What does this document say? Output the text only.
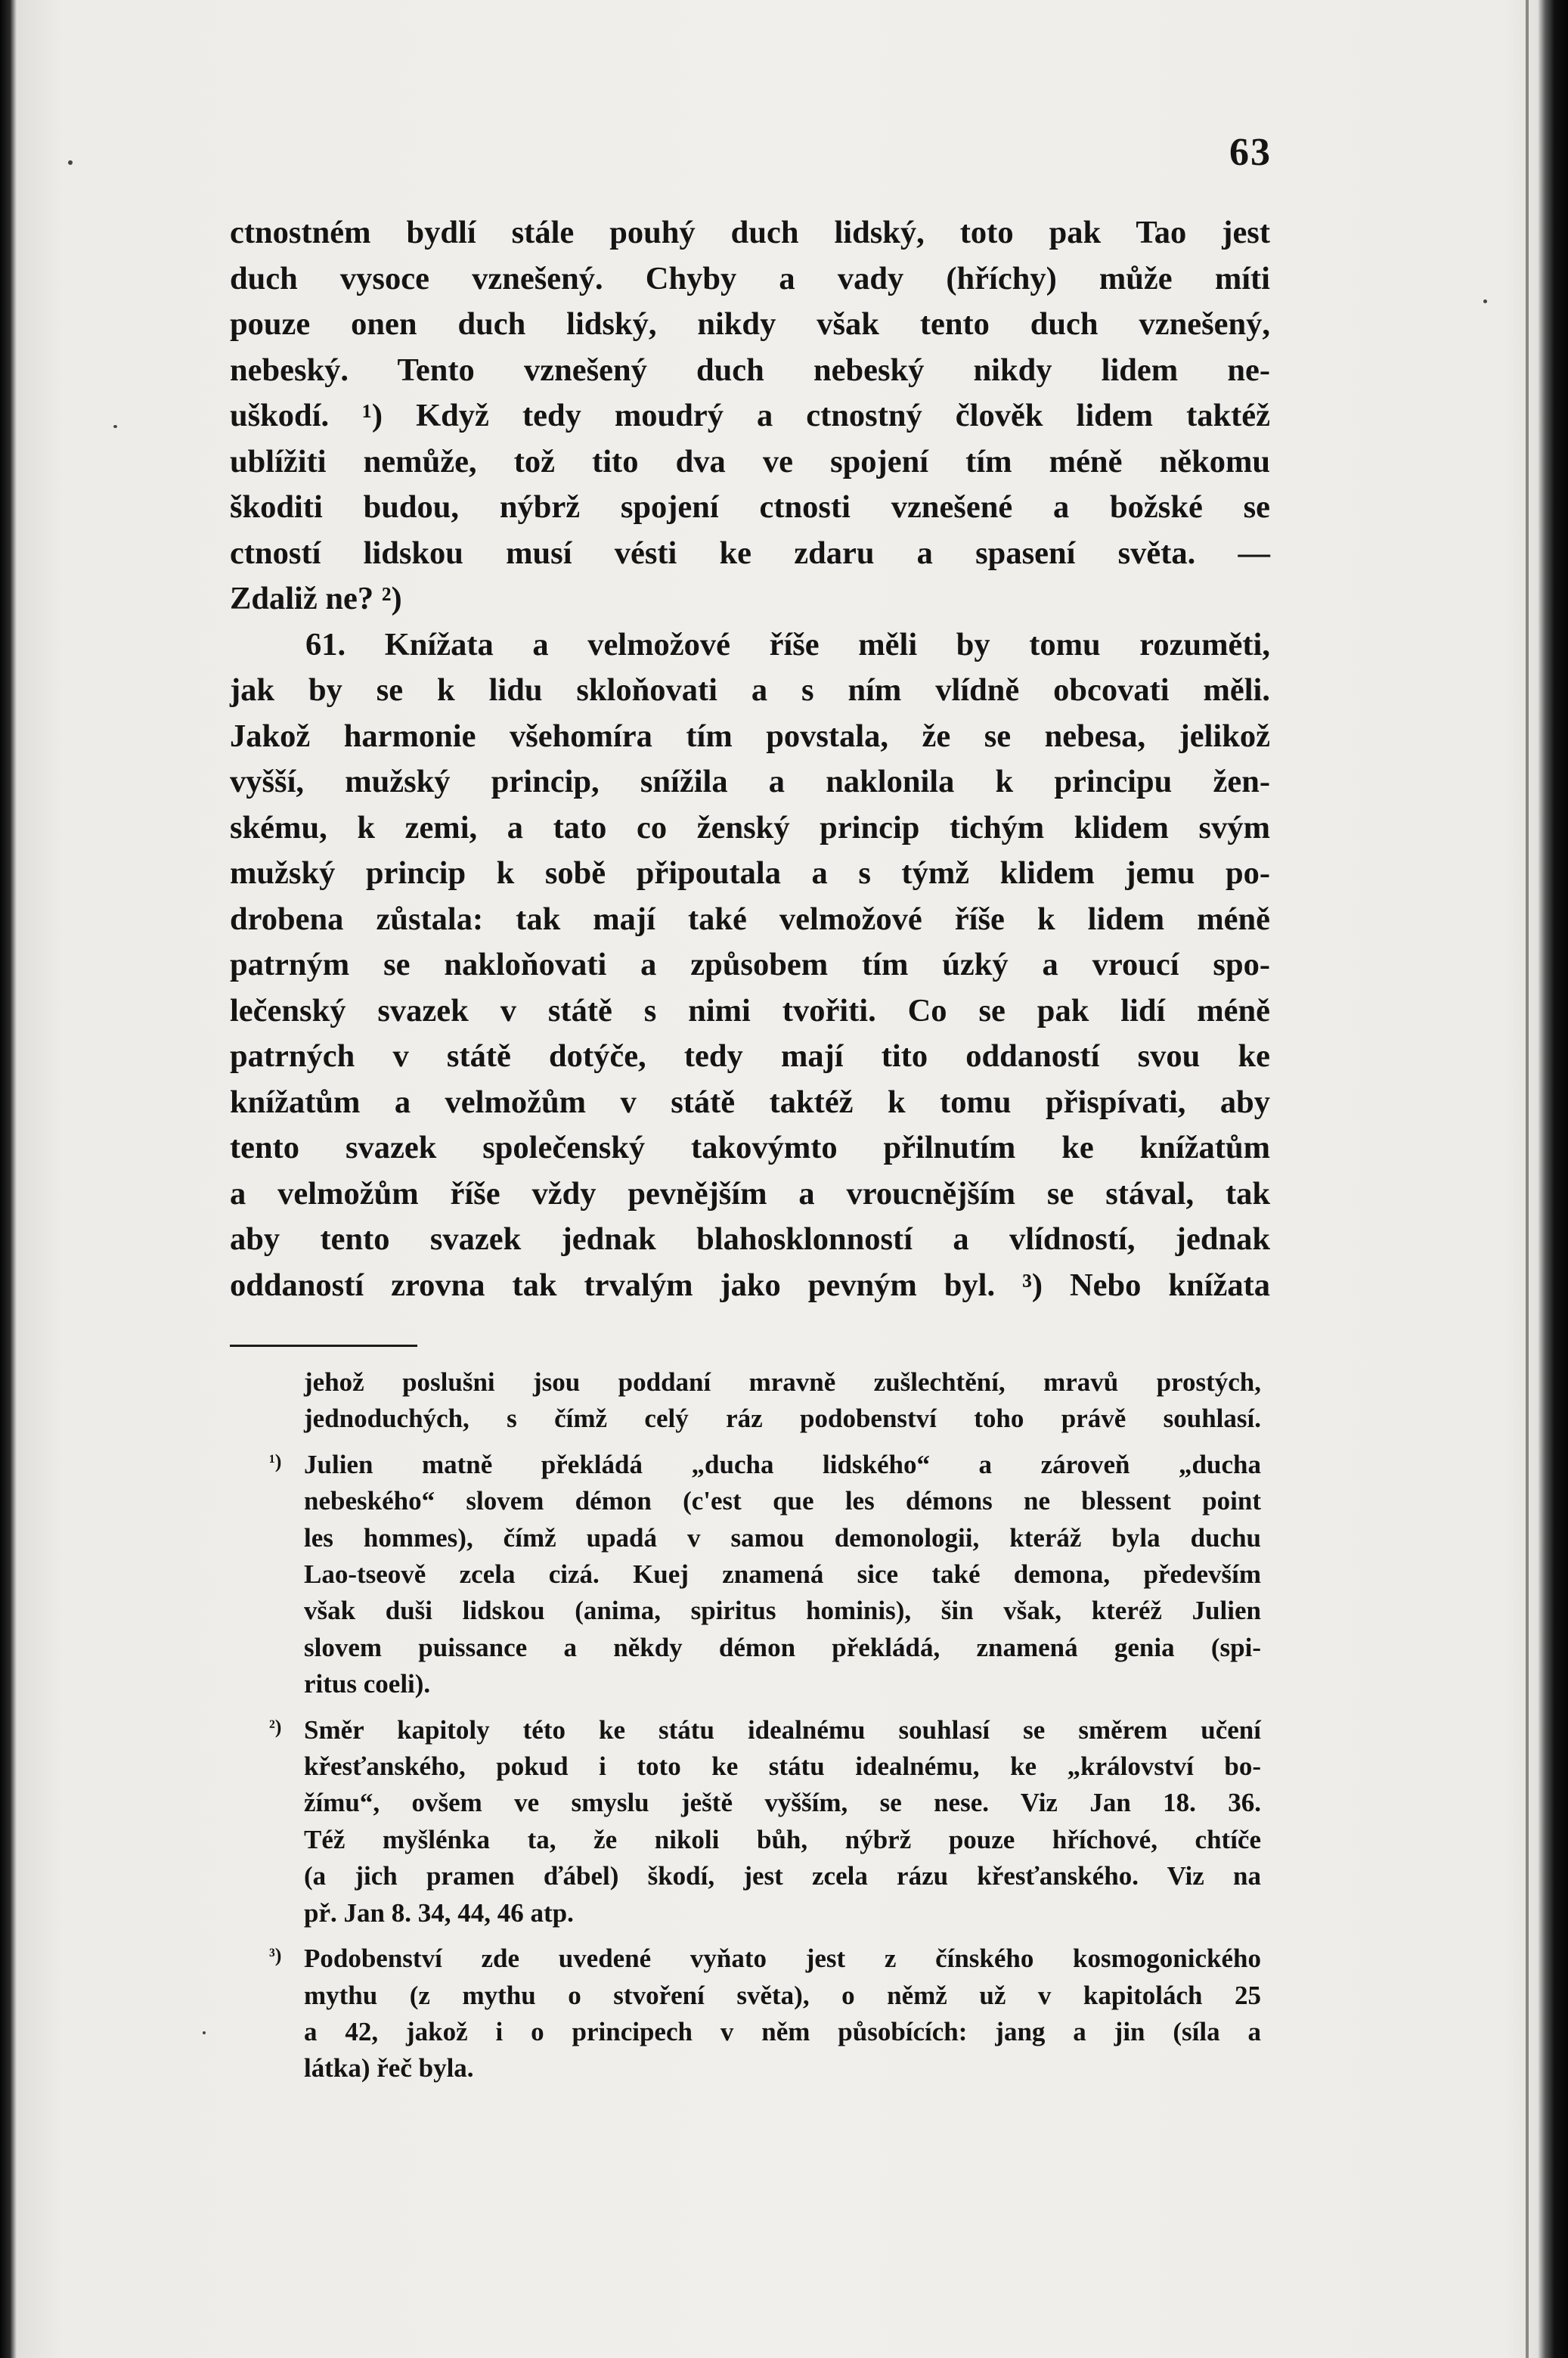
63
ctnostném bydlí stále pouhý duch lidský, toto pak Tao jest
duch vysoce vznešený. Chyby a vady (hříchy) může míti
pouze onen duch lidský, nikdy však tento duch vznešený,
nebeský. Tento vznešený duch nebeský nikdy lidem ne-
uškodí. ¹) Když tedy moudrý a ctnostný člověk lidem taktéž
ublížiti nemůže, tož tito dva ve spojení tím méně někomu
škoditi budou, nýbrž spojení ctnosti vznešené a božské se
ctností lidskou musí vésti ke zdaru a spasení světa. —
Zdaliž ne? ²)
61. Knížata a velmožové říše měli by tomu rozuměti,
jak by se k lidu skloňovati a s ním vlídně obcovati měli.
Jakož harmonie všehomíra tím povstala, že se nebesa, jelikož
vyšší, mužský princip, snížila a naklonila k principu žen-
skému, k zemi, a tato co ženský princip tichým klidem svým
mužský princip k sobě připoutala a s týmž klidem jemu po-
drobena zůstala: tak mají také velmožové říše k lidem méně
patrným se nakloňovati a způsobem tím úzký a vroucí spo-
lečenský svazek v státě s nimi tvořiti. Co se pak lidí méně
patrných v státě dotýče, tedy mají tito oddaností svou ke
knížatům a velmožům v státě taktéž k tomu přispívati, aby
tento svazek společenský takovýmto přilnutím ke knížatům
a velmožům říše vždy pevnějším a vroucnějším se stával, tak
aby tento svazek jednak blahosklonností a vlídností, jednak
oddaností zrovna tak trvalým jako pevným byl. ³) Nebo knížata
jehož poslušni jsou poddaní mravně zušlechtění, mravů prostých,
jednoduchých, s čímž celý ráz podobenství toho právě souhlasí.
¹) Julien matně překládá „ducha lidského“ a zároveň „ducha
nebeského“ slovem démon (c'est que les démons ne blessent point
les hommes), čímž upadá v samou demonologii, kteráž byla duchu
Lao-tseově zcela cizá. Kuej znamená sice také demona, především
však duši lidskou (anima, spiritus hominis), šin však, kteréž Julien
slovem puissance a někdy démon překládá, znamená genia (spi-
ritus coeli).
²) Směr kapitoly této ke státu idealnému souhlasí se směrem učení
křesťanského, pokud i toto ke státu idealnému, ke „království bo-
žímu“, ovšem ve smyslu ještě vyšším, se nese. Viz Jan 18. 36.
Též myšlénka ta, že nikoli bůh, nýbrž pouze hříchové, chtíče
(a jich pramen ďábel) škodí, jest zcela rázu křesťanského. Viz na
př. Jan 8. 34, 44, 46 atp.
³) Podobenství zde uvedené vyňato jest z čínského kosmogonického
mythu (z mythu o stvoření světa), o němž už v kapitolách 25
a 42, jakož i o principech v něm působících: jang a jin (síla a
látka) řeč byla.
